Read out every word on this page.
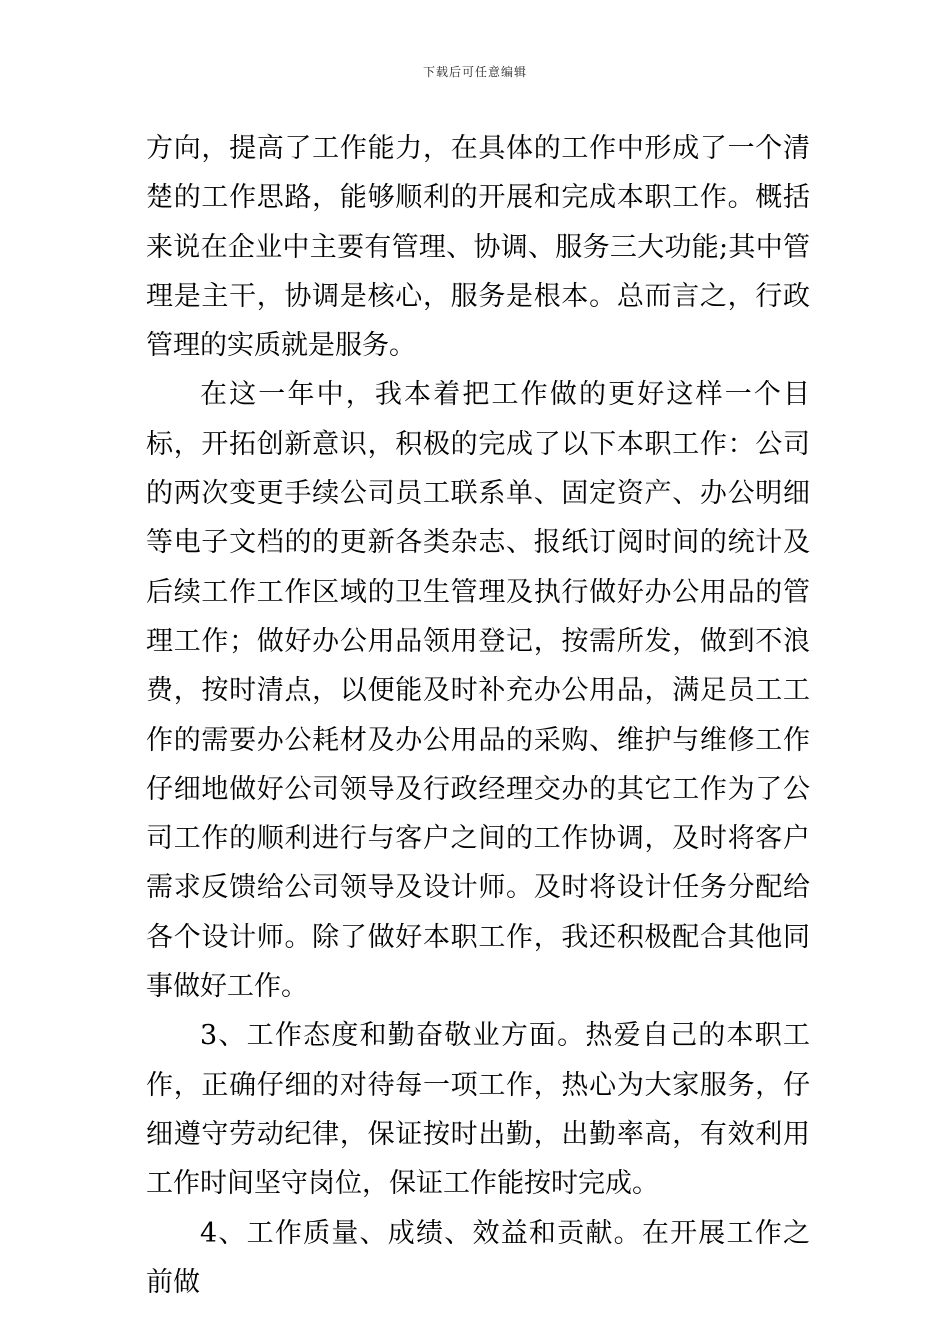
下载后可任意编辑

方向，提高了工作能力，在具体的工作中形成了一个清楚的工作思路，能够顺利的开展和完成本职工作。概括来说在企业中主要有管理、协调、服务三大功能;其中管理是主干，协调是核心，服务是根本。总而言之，行政管理的实质就是服务。

在这一年中，我本着把工作做的更好这样一个目标，开拓创新意识，积极的完成了以下本职工作：公司的两次变更手续公司员工联系单、固定资产、办公明细等电子文档的的更新各类杂志、报纸订阅时间的统计及后续工作工作区域的卫生管理及执行做好办公用品的管理工作；做好办公用品领用登记，按需所发，做到不浪费，按时清点，以便能及时补充办公用品，满足员工工作的需要办公耗材及办公用品的采购、维护与维修工作仔细地做好公司领导及行政经理交办的其它工作为了公司工作的顺利进行与客户之间的工作协调，及时将客户需求反馈给公司领导及设计师。及时将设计任务分配给各个设计师。除了做好本职工作，我还积极配合其他同事做好工作。

3、工作态度和勤奋敬业方面。热爱自己的本职工作，正确仔细的对待每一项工作，热心为大家服务，仔细遵守劳动纪律，保证按时出勤，出勤率高，有效利用工作时间坚守岗位，保证工作能按时完成。

4、工作质量、成绩、效益和贡献。在开展工作之前做
